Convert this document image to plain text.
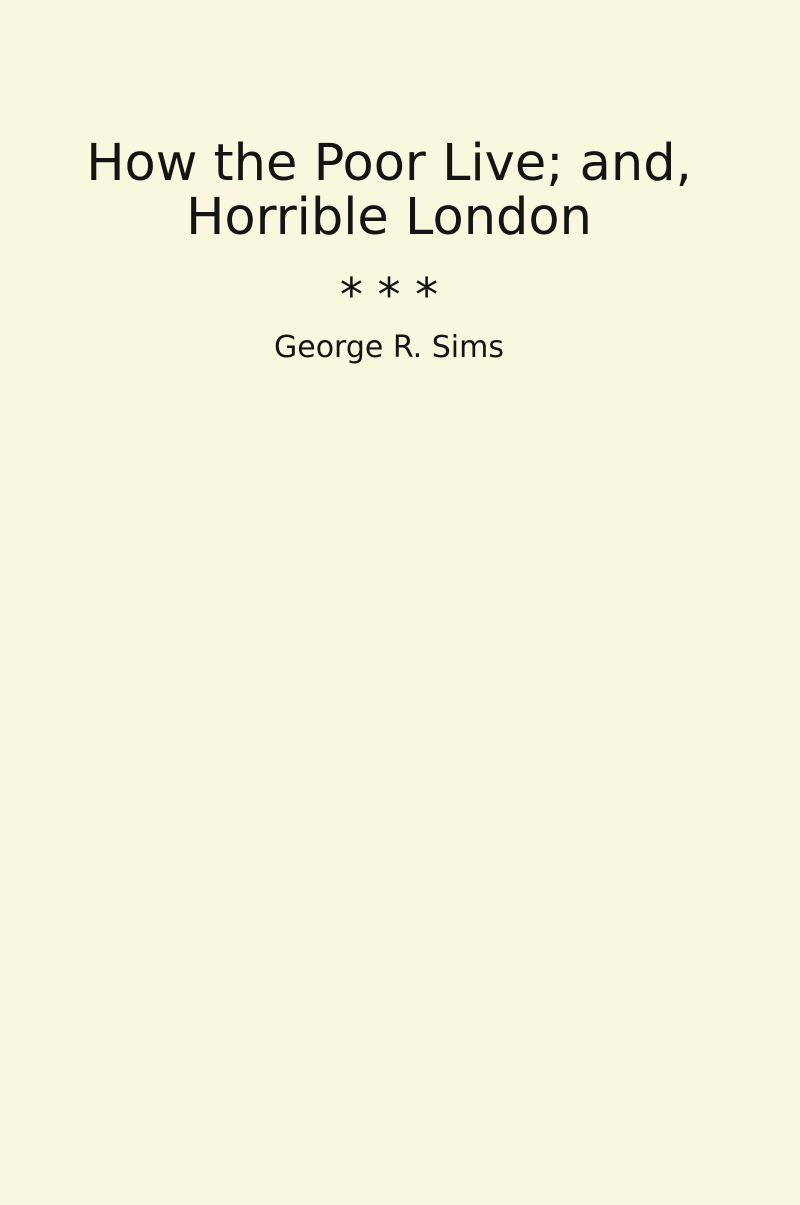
How the Poor Live; and,
Horrible London
* * *
George R. Sims
